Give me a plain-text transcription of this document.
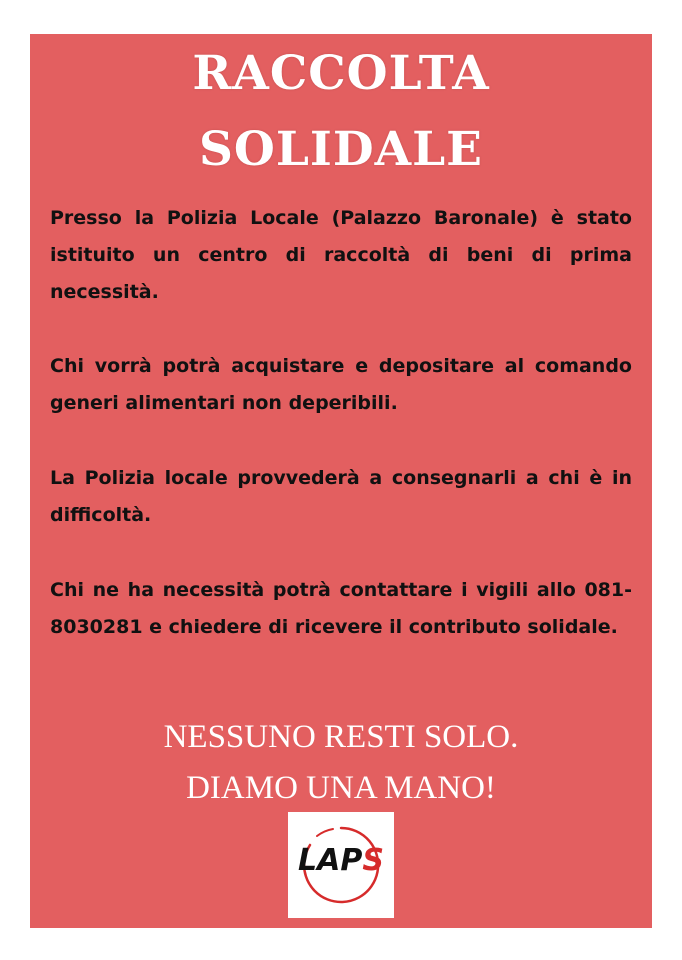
RACCOLTA
SOLIDALE
Presso la Polizia Locale (Palazzo Baronale) è stato istituito un centro di raccoltà di beni di prima necessità.
Chi vorrà potrà acquistare e depositare al comando generi alimentari non deperibili.
La Polizia locale provvederà a consegnarli a chi è in difficoltà.
Chi ne ha necessità potrà contattare i vigili allo 081-8030281 e chiedere di ricevere il contributo solidale.
NESSUNO RESTI SOLO.
DIAMO UNA MANO!
LAPS
